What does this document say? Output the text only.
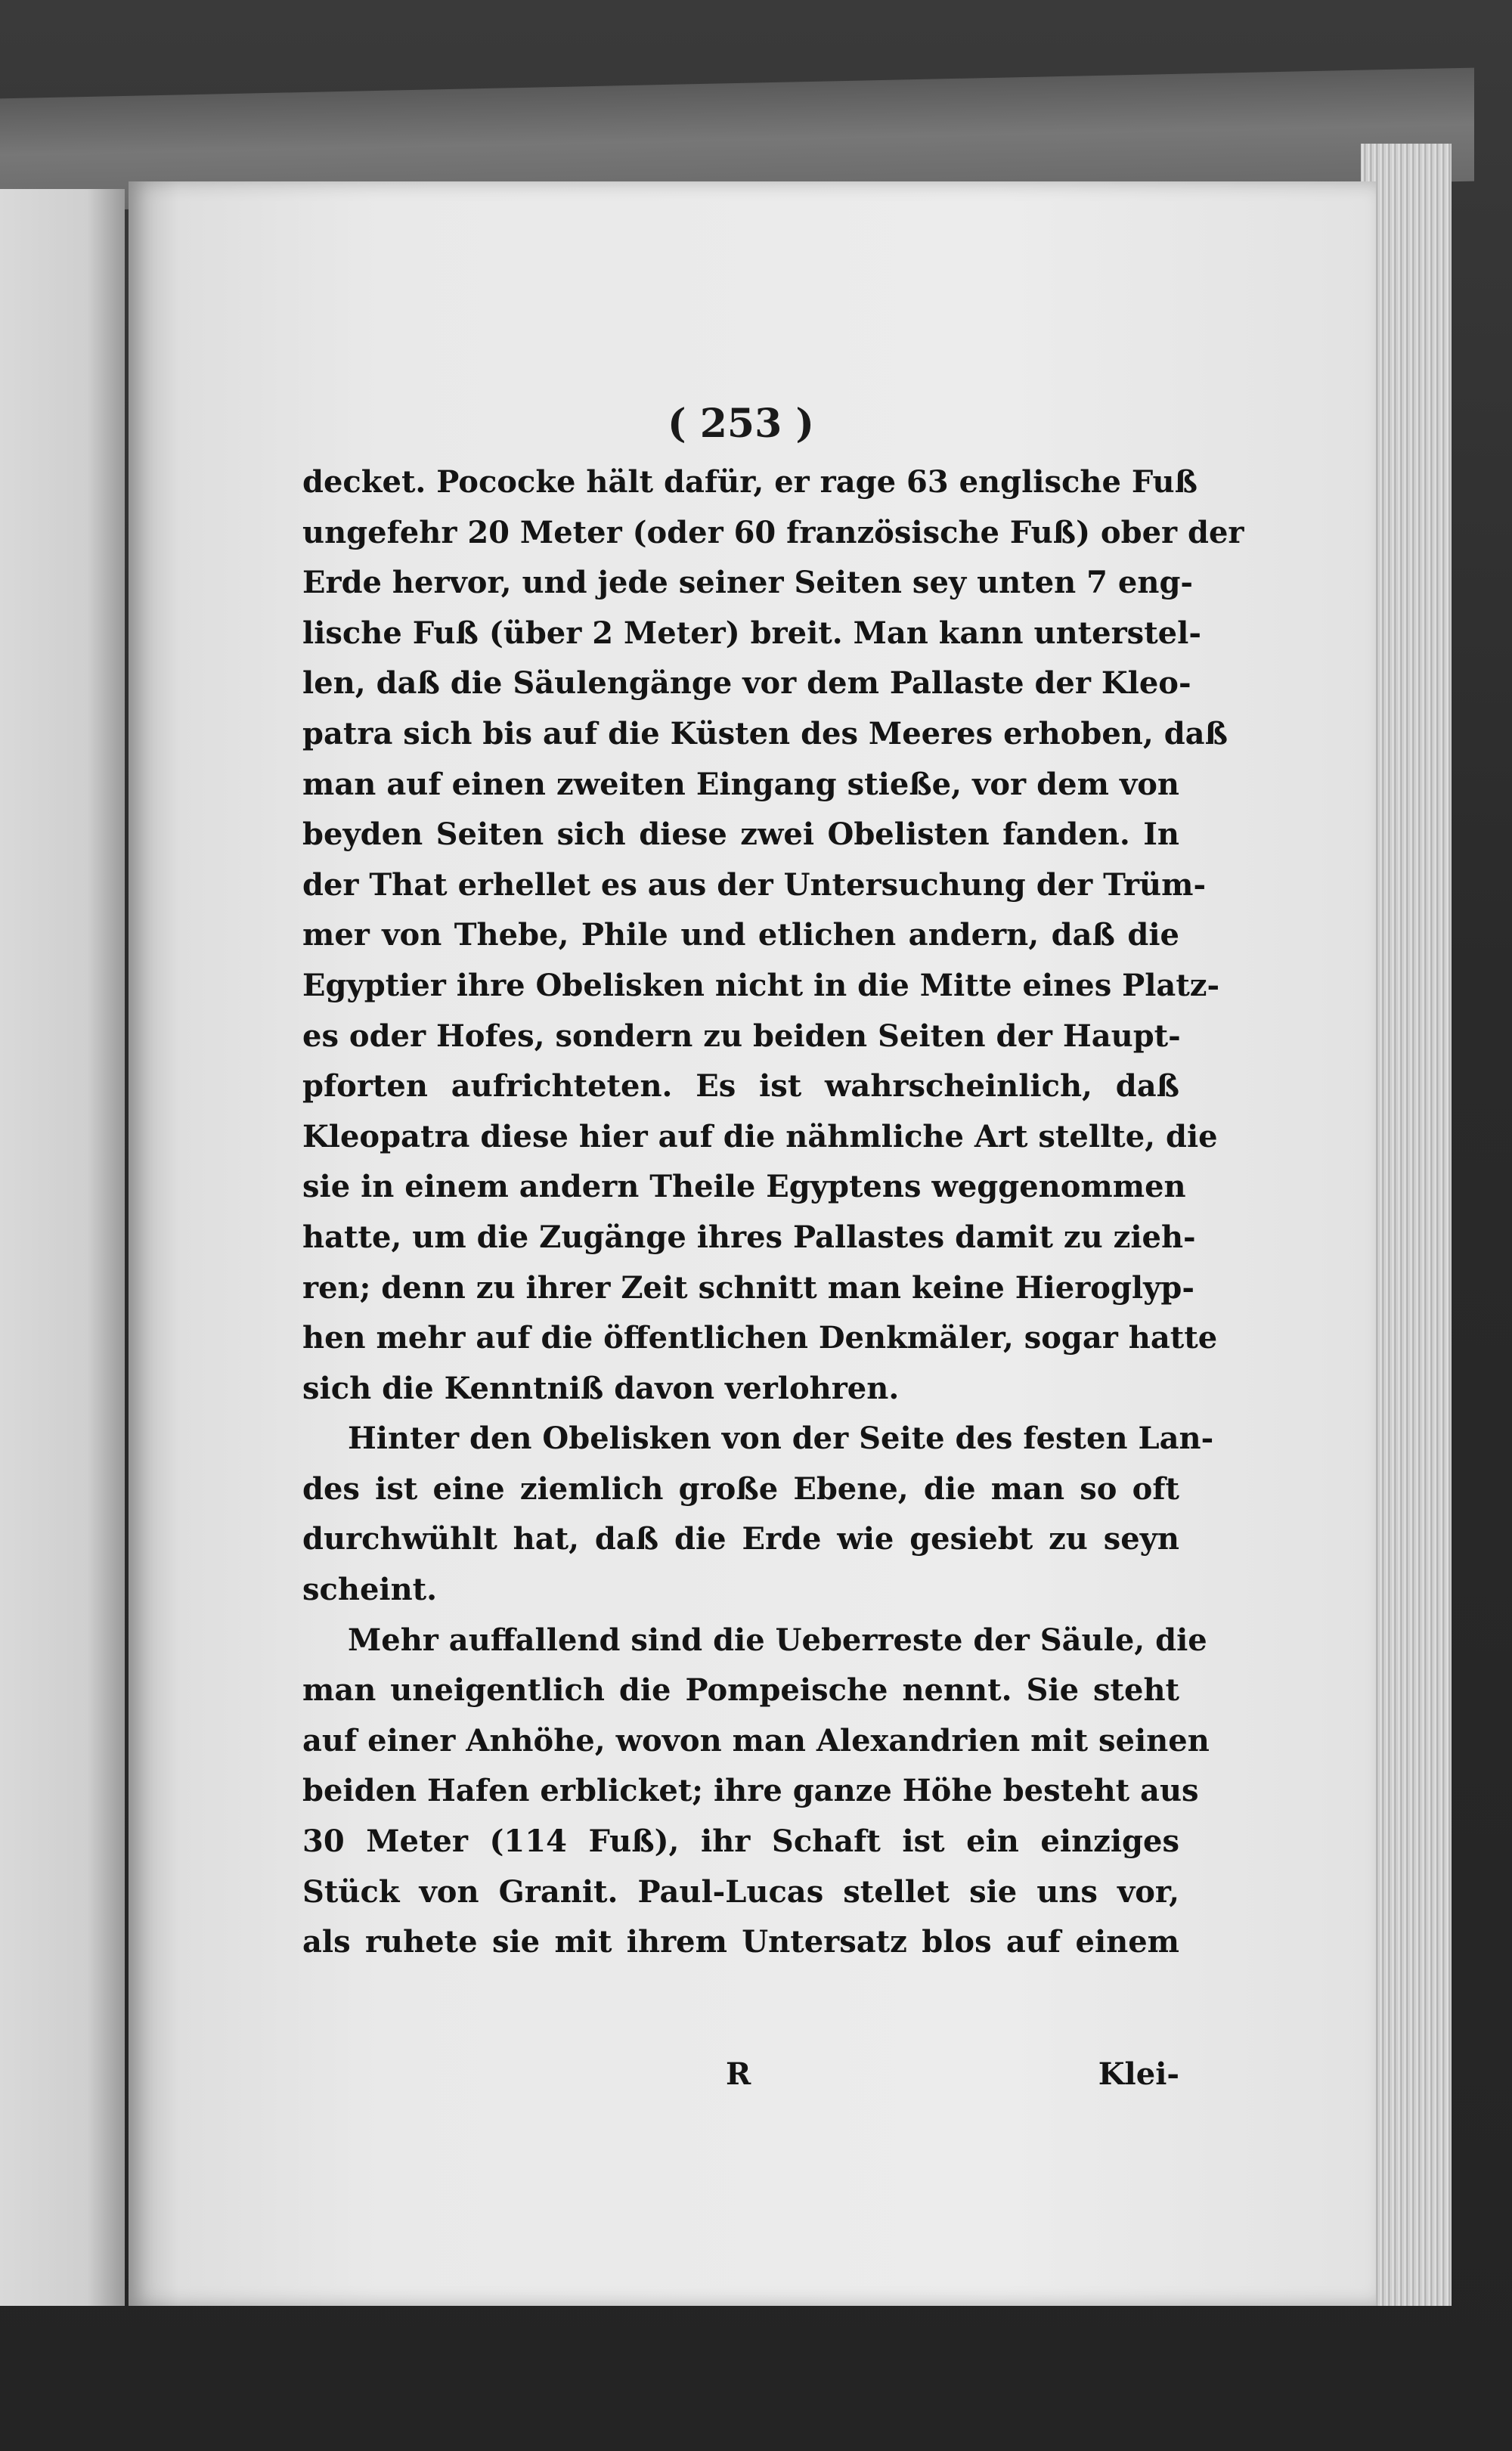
( 253 )
decket. Pococke hält dafür, er rage 63 englische Fuß
ungefehr 20 Meter (oder 60 französische Fuß) ober der
Erde hervor, und jede seiner Seiten sey unten 7 eng-
lische Fuß (über 2 Meter) breit. Man kann unterstel-
len, daß die Säulengänge vor dem Pallaste der Kleo-
patra sich bis auf die Küsten des Meeres erhoben, daß
man auf einen zweiten Eingang stieße, vor dem von
beyden Seiten sich diese zwei Obelisten fanden. In
der That erhellet es aus der Untersuchung der Trüm-
mer von Thebe, Phile und etlichen andern, daß die
Egyptier ihre Obelisken nicht in die Mitte eines Platz-
es oder Hofes, sondern zu beiden Seiten der Haupt-
pforten aufrichteten. Es ist wahrscheinlich, daß
Kleopatra diese hier auf die nähmliche Art stellte, die
sie in einem andern Theile Egyptens weggenommen
hatte, um die Zugänge ihres Pallastes damit zu zieh-
ren; denn zu ihrer Zeit schnitt man keine Hieroglyp-
hen mehr auf die öffentlichen Denkmäler, sogar hatte
sich die Kenntniß davon verlohren.
Hinter den Obelisken von der Seite des festen Lan-
des ist eine ziemlich große Ebene, die man so oft
durchwühlt hat, daß die Erde wie gesiebt zu seyn
scheint.
Mehr auffallend sind die Ueberreste der Säule, die
man uneigentlich die Pompeische nennt. Sie steht
auf einer Anhöhe, wovon man Alexandrien mit seinen
beiden Hafen erblicket; ihre ganze Höhe besteht aus
30 Meter (114 Fuß), ihr Schaft ist ein einziges
Stück von Granit. Paul-Lucas stellet sie uns vor,
als ruhete sie mit ihrem Untersatz blos auf einem
R	Klei-
